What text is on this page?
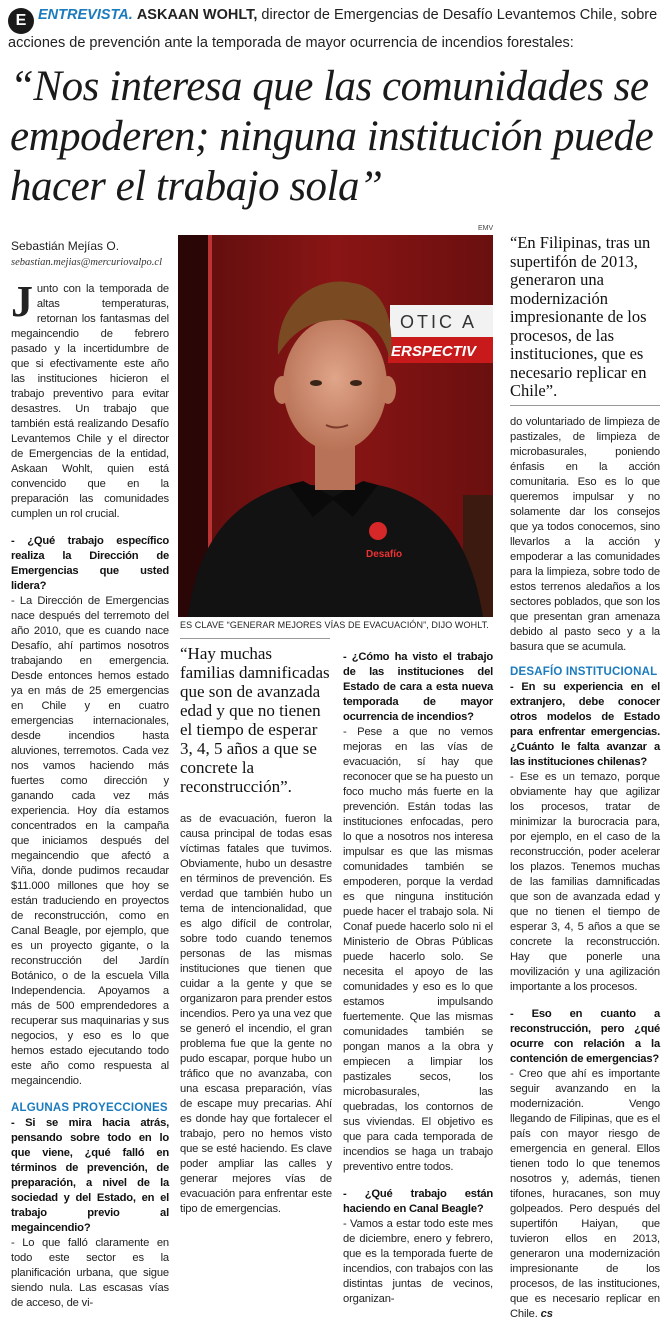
E ENTREVISTA. ASKAAN WOHLT, director de Emergencias de Desafío Levantemos Chile, sobre acciones de prevención ante la temporada de mayor ocurrencia de incendios forestales:
“Nos interesa que las comunidades se empoderen; ninguna institución puede hacer el trabajo sola”
Sebastián Mejías O.
sebastian.mejias@mercuriovalpo.cl

Junto con la temporada de altas temperaturas, retornan los fantasmas del megaincendio de febrero pasado y la incertidumbre de que si efectivamente este año las instituciones hicieron el trabajo preventivo para evitar desastres. Un trabajo que también está realizando Desafío Levantemos Chile y el director de Emergencias de la entidad, Askaan Wohlt, quien está convencido que en la preparación las comunidades cumplen un rol crucial.

- ¿Qué trabajo específico realiza la Dirección de Emergencias que usted lidera?

- La Dirección de Emergencias nace después del terremoto del año 2010, que es cuando nace Desafío, ahí partimos nosotros trabajando en emergencia. Desde entonces hemos estado ya en más de 25 emergencias en Chile y en cuatro emergencias internacionales, desde incendios hasta aluviones, terremotos. Cada vez nos vamos haciendo más fuertes como dirección y ganando cada vez más experiencia. Hoy día estamos concentrados en la campaña que iniciamos después del megaincendio que afectó a Viña, donde pudimos recaudar $11.000 millones que hoy se están traduciendo en proyectos de reconstrucción, como en Canal Beagle, por ejemplo, que es un proyecto gigante, o la reconstrucción del Jardín Botánico, o de la escuela Villa Independencia. Apoyamos a más de 500 emprendedores a recuperar sus maquinarias y sus negocios, y eso es lo que hemos estado ejecutando todo este año como respuesta al megaincendio.

ALGUNAS PROYECCIONES

- Si se mira hacia atrás, pensando sobre todo en lo que viene, ¿qué falló en términos de prevención, de preparación, a nivel de la sociedad y del Estado, en el trabajo previo al megaincendio?

- Lo que falló claramente en todo este sector es la planificación urbana, que sigue siendo nula. Las escasas vías de acceso, de vi-

EMV
OTIC A
ERSPECTIV
Desafío
ES CLAVE “GENERAR MEJORES VÍAS DE EVACUACIÓN”, DIJO WOHLT.
“Hay muchas familias damnificadas que son de avanzada edad y que no tienen el tiempo de esperar 3, 4, 5 años a que se concrete la reconstrucción”.
as de evacuación, fueron la causa principal de todas esas víctimas fatales que tuvimos. Obviamente, hubo un desastre en términos de prevención. Es verdad que también hubo un tema de intencionalidad, que es algo difícil de controlar, sobre todo cuando tenemos personas de las mismas instituciones que tienen que cuidar a la gente y que se organizaron para prender estos incendios. Pero ya una vez que se generó el incendio, el gran problema fue que la gente no pudo escapar, porque hubo un tráfico que no avanzaba, con una escasa preparación, vías de escape muy precarias. Ahí es donde hay que fortalecer el trabajo, pero no hemos visto que se esté haciendo. Es clave poder ampliar las calles y generar mejores vías de evacuación para enfrentar este tipo de emergencias.

- ¿Cómo ha visto el trabajo de las instituciones del Estado de cara a esta nueva temporada de mayor ocurrencia de incendios?

- Pese a que no vemos mejoras en las vías de evacuación, sí hay que reconocer que se ha puesto un foco mucho más fuerte en la prevención. Están todas las instituciones enfocadas, pero lo que a nosotros nos interesa impulsar es que las mismas comunidades también se empoderen, porque la verdad es que ninguna institución puede hacer el trabajo sola. Ni Conaf puede hacerlo solo ni el Ministerio de Obras Públicas puede hacerlo solo. Se necesita el apoyo de las comunidades y eso es lo que estamos impulsando fuertemente. Que las mismas comunidades también se pongan manos a la obra y empiecen a limpiar los pastizales secos, los microbasurales, las quebradas, los contornos de sus viviendas. El objetivo es que para cada temporada de incendios se haga un trabajo preventivo entre todos.

- ¿Qué trabajo están haciendo en Canal Beagle?

- Vamos a estar todo este mes de diciembre, enero y febrero, que es la temporada fuerte de incendios, con trabajos con las distintas juntas de vecinos, organizan-

“En Filipinas, tras un supertifón de 2013, generaron una modernización impresionante de los procesos, de las instituciones, que es necesario replicar en Chile”.

do voluntariado de limpieza de pastizales, de limpieza de microbasurales, poniendo énfasis en la acción comunitaria. Eso es lo que queremos impulsar y no solamente dar los consejos que ya todos conocemos, sino llevarlos a la acción y empoderar a las comunidades para la limpieza, sobre todo de estos terrenos aledaños a los sectores poblados, que son los que presentan gran amenaza debido al pasto seco y a la basura que se acumula.

DESAFÍO INSTITUCIONAL

- En su experiencia en el extranjero, debe conocer otros modelos de Estado para enfrentar emergencias. ¿Cuánto le falta avanzar a las instituciones chilenas?

- Ese es un temazo, porque obviamente hay que agilizar los procesos, tratar de minimizar la burocracia para, por ejemplo, en el caso de la reconstrucción, poder acelerar los plazos. Tenemos muchas de las familias damnificadas que son de avanzada edad y que no tienen el tiempo de esperar 3, 4, 5 años a que se concrete la reconstrucción. Hay que ponerle una movilización y una agilización importante a los procesos.

- Eso en cuanto a reconstrucción, pero ¿qué ocurre con relación a la contención de emergencias?

- Creo que ahí es importante seguir avanzando en la modernización. Vengo llegando de Filipinas, que es el país con mayor riesgo de emergencia en general. Ellos tienen todo lo que tenemos nosotros y, además, tienen tifones, huracanes, son muy golpeados. Pero después del supertifón Haiyan, que tuvieron ellos en 2013, generaron una modernización impresionante de los procesos, de las instituciones, que es necesario replicar en Chile. cs
